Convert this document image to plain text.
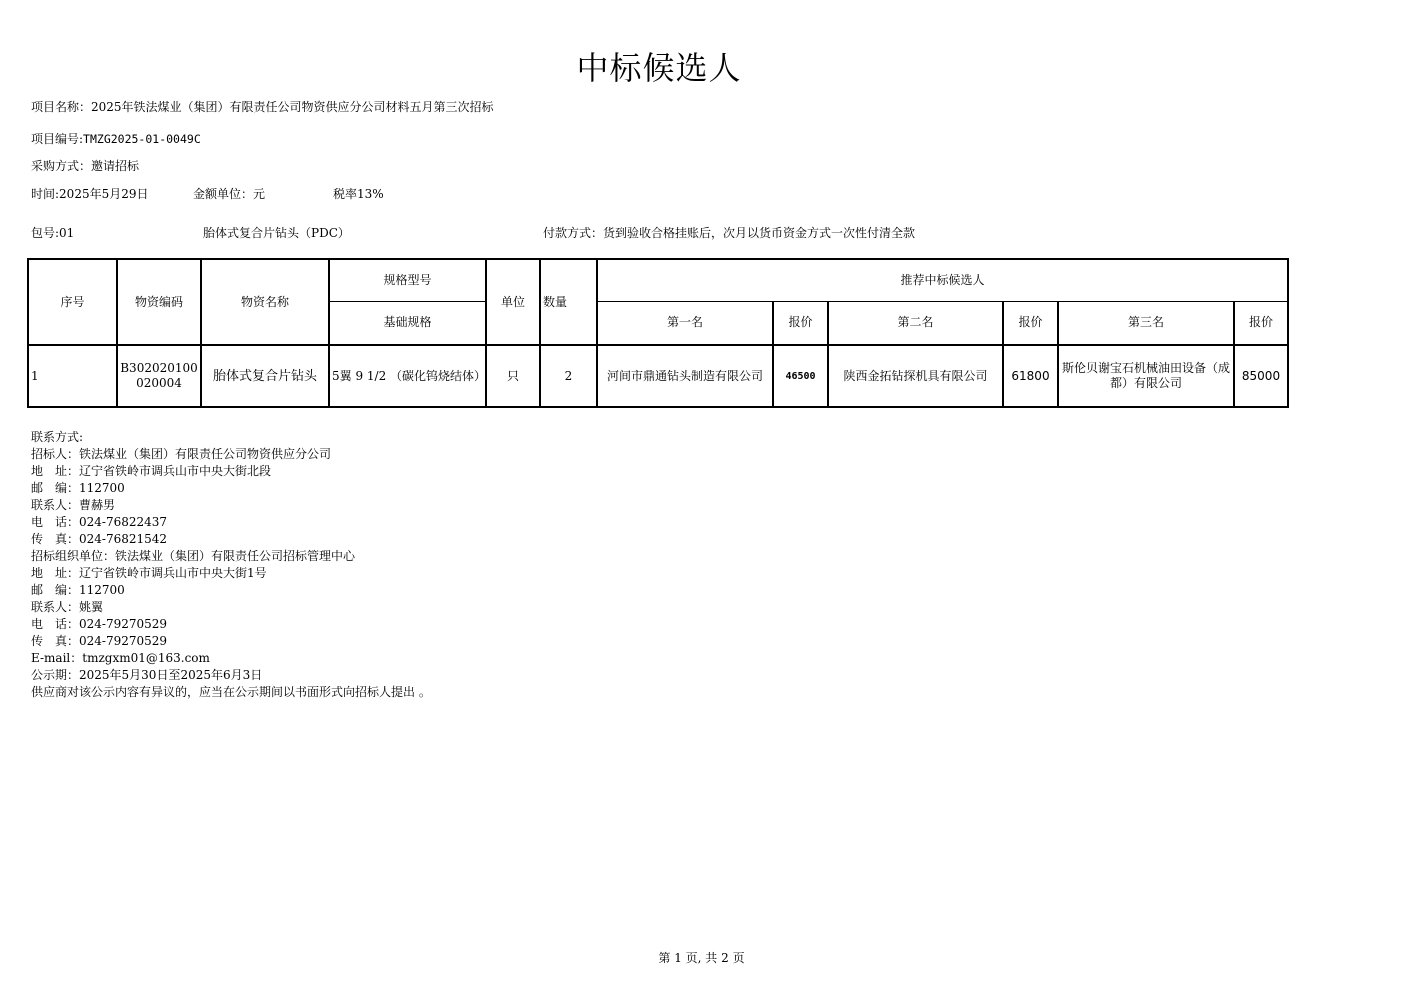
中标候选人
项目名称：2025年铁法煤业（集团）有限责任公司物资供应分公司材料五月第三次招标
项目编号:TMZG2025-01-0049C
采购方式：邀请招标
时间:2025年5月29日	金额单位：元	税率13%
包号:01	胎体式复合片钻头（PDC）	付款方式：货到验收合格挂账后，次月以货币资金方式一次性付清全款
序号	物资编码	物资名称	规格型号	单位	数量	推荐中标候选人					
			基础规格			第一名	报价	第二名	报价	第三名	报价
1	B302020100020004	胎体式复合片钻头	5翼 9 1/2 （碳化钨烧结体）	只	2	河间市鼎通钻头制造有限公司	46500	陕西金拓钻探机具有限公司	61800	斯伦贝谢宝石机械油田设备（成都）有限公司	85000
联系方式:
招标人：铁法煤业（集团）有限责任公司物资供应分公司
地　址：辽宁省铁岭市调兵山市中央大街北段
邮　编：112700
联系人：曹赫男
电　话：024-76822437
传　真：024-76821542
招标组织单位：铁法煤业（集团）有限责任公司招标管理中心
地　址：辽宁省铁岭市调兵山市中央大街1号
邮　编：112700
联系人：姚翼
电　话：024-79270529
传　真：024-79270529
E-mail：tmzgxm01@163.com
公示期：2025年5月30日至2025年6月3日
供应商对该公示内容有异议的，应当在公示期间以书面形式向招标人提出 。
第 1 页, 共 2 页
